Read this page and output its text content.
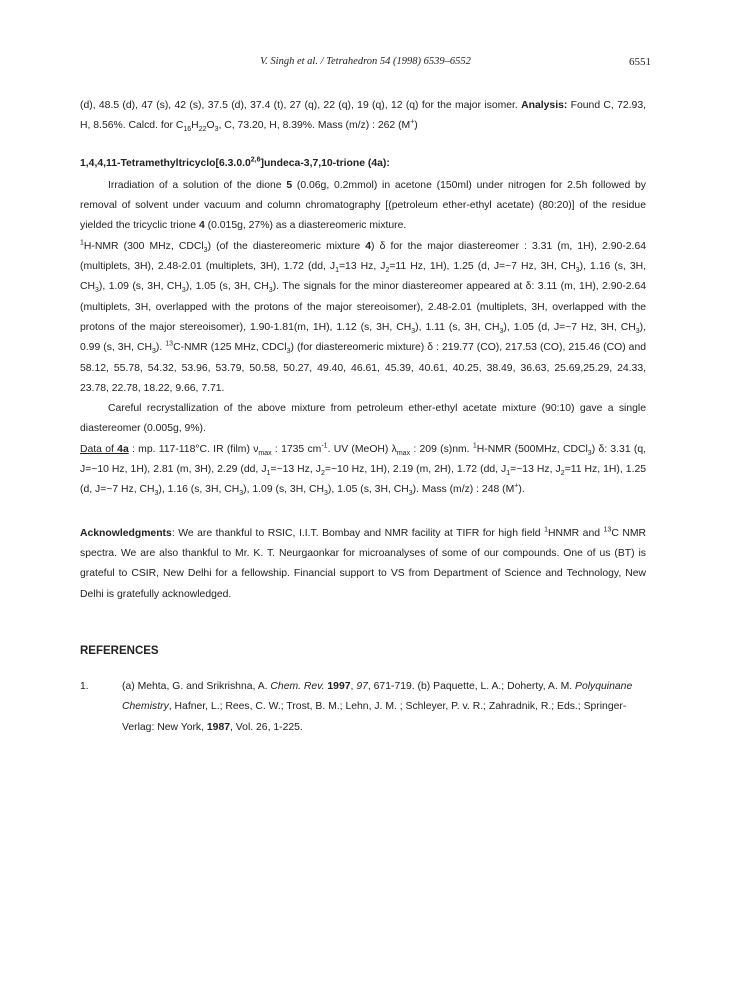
V. Singh et al. / Tetrahedron 54 (1998) 6539–6552	6551

(d), 48.5 (d), 47 (s), 42 (s), 37.5 (d), 37.4 (t), 27 (q), 22 (q), 19 (q), 12 (q) for the major isomer. Analysis: Found C, 72.93, H, 8.56%. Calcd. for $C_{16}H_{22}O_3$, C, 73.20, H, 8.39%. Mass (m/z) : 262 (M+)

1,4,4,11-Tetramethyltricyclo[6.3.0.0$^{2,6}$]undeca-3,7,10-trione (4a):

Irradiation of a solution of the dione 5 (0.06g, 0.2mmol) in acetone (150ml) under nitrogen for 2.5h followed by removal of solvent under vacuum and column chromatography [(petroleum ether-ethyl acetate) (80:20)] of the residue yielded the tricyclic trione 4 (0.015g, 27%) as a diastereomeric mixture.

$^1$H-NMR (300 MHz, CDCl$_3$) (of the diastereomeric mixture 4) δ for the major diastereomer : 3.31 (m, 1H), 2.90-2.64 (multiplets, 3H), 2.48-2.01 (multiplets, 3H), 1.72 (dd, $J_1=13$ Hz, $J_2=11$ Hz, 1H), 1.25 (d, J=~7 Hz, 3H, $CH_3$), 1.16 (s, 3H, $CH_3$), 1.09 (s, 3H, $CH_3$), 1.05 (s, 3H, $CH_3$). The signals for the minor diastereomer appeared at δ: 3.11 (m, 1H), 2.90-2.64 (multiplets, 3H, overlapped with the protons of the major stereoisomer), 2.48-2.01 (multiplets, 3H, overlapped with the protons of the major stereoisomer), 1.90-1.81(m, 1H), 1.12 (s, 3H, $CH_3$), 1.11 (s, 3H, $CH_3$), 1.05 (d, J=~7 Hz, 3H, $CH_3$), 0.99 (s, 3H, $CH_3$). $^{13}$C-NMR (125 MHz, CDCl$_3$) (for diastereomeric mixture) δ : 219.77 (CO), 217.53 (CO), 215.46 (CO) and 58.12, 55.78, 54.32, 53.96, 53.79, 50.58, 50.27, 49.40, 46.61, 45.39, 40.61, 40.25, 38.49, 36.63, 25.69,25.29, 24.33, 23.78, 22.78, 18.22, 9.66, 7.71.

Careful recrystallization of the above mixture from petroleum ether-ethyl acetate mixture (90:10) gave a single diastereomer (0.005g, 9%).

Data of 4a : mp. 117-118°C. IR (film) $\nu_{max}$ : 1735 $cm^{-1}$. UV (MeOH) $\lambda_{max}$ : 209 (s)nm. $^1$H-NMR (500MHz, CDCl$_3$) δ: 3.31 (q, J=~10 Hz, 1H), 2.81 (m, 3H), 2.29 (dd, $J_1=\sim 13$ Hz, $J_2=\sim 10$ Hz, 1H), 2.19 (m, 2H), 1.72 (dd, $J_1=\sim 13$ Hz, $J_2=11$ Hz, 1H), 1.25 (d, J=~7 Hz, $CH_3$), 1.16 (s, 3H, $CH_3$), 1.09 (s, 3H, $CH_3$), 1.05 (s, 3H, $CH_3$). Mass (m/z) : 248 (M+).

Acknowledgments: We are thankful to RSIC, I.I.T. Bombay and NMR facility at TIFR for high field $^1$HNMR and $^{13}$C NMR spectra. We are also thankful to Mr. K. T. Neurgaonkar for microanalyses of some of our compounds. One of us (BT) is grateful to CSIR, New Delhi for a fellowship. Financial support to VS from Department of Science and Technology, New Delhi is gratefully acknowledged.

REFERENCES

1.	(a) Mehta, G. and Srikrishna, A. Chem. Rev. 1997, 97, 671-719. (b) Paquette, L. A.; Doherty, A. M. Polyquinane Chemistry, Hafner, L.; Rees, C. W.; Trost, B. M.; Lehn, J. M. ; Schleyer, P. v. R.; Zahradnik, R.; Eds.; Springer-Verlag: New York, 1987, Vol. 26, 1-225.
